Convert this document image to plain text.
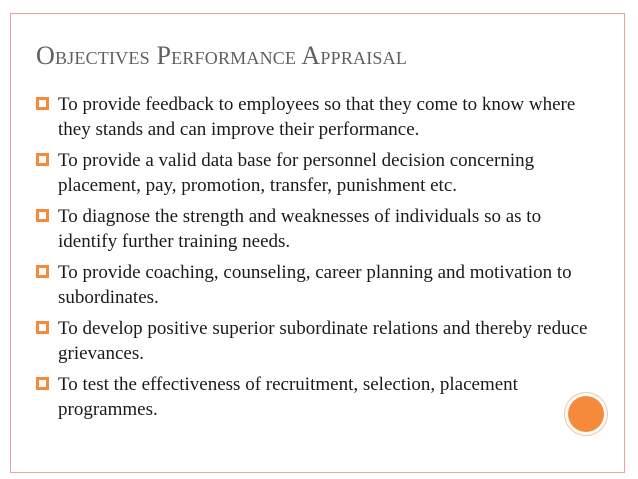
Objectives Performance Appraisal
To provide feedback to employees so that they come to know where they stands and can improve their performance.
To provide a valid data base for personnel decision concerning placement, pay, promotion, transfer, punishment etc.
To diagnose the strength and weaknesses of individuals so as to identify further training needs.
To provide coaching, counseling, career planning and motivation to subordinates.
To develop positive superior subordinate relations and thereby reduce grievances.
To test the effectiveness of recruitment, selection, placement programmes.
